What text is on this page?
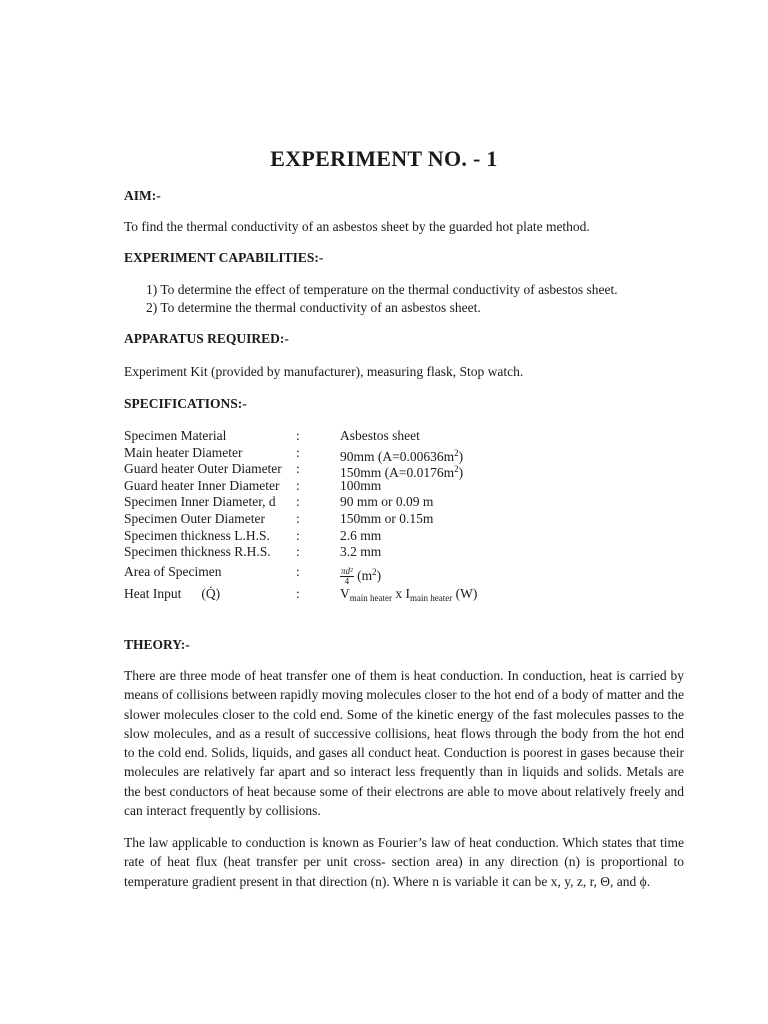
EXPERIMENT NO. - 1
AIM:-
To find the thermal conductivity of an asbestos sheet by the guarded hot plate method.
EXPERIMENT CAPABILITIES:-
1) To determine the effect of temperature on the thermal conductivity of asbestos sheet.
2) To determine the thermal conductivity of an asbestos sheet.
APPARATUS REQUIRED:-
Experiment Kit (provided by manufacturer), measuring flask, Stop watch.
SPECIFICATIONS:-
Specimen Material	:	Asbestos sheet
Main heater Diameter	:	90mm $(A=0.00636m^2)$
Guard heater Outer Diameter :	150mm $(A=0.0176m^2)$
Guard heater Inner Diameter :	100mm
Specimen Inner Diameter, d :	90 mm or 0.09 m
Specimen Outer Diameter :	150mm or 0.15m
Specimen thickness L.H.S. :	2.6 mm
Specimen thickness R.H.S. :	3.2 mm
Area of Specimen	:	$\frac{\text{πd²}}{4} (m^2)$
Heat Input (Q̇)	:	$V_{main heater}$ x $I_{main heater}$ (W)
THEORY:-
There are three mode of heat transfer one of them is heat conduction. In conduction, heat is carried by means of collisions between rapidly moving molecules closer to the hot end of a body of matter and the slower molecules closer to the cold end. Some of the kinetic energy of the fast molecules passes to the slow molecules, and as a result of successive collisions, heat flows through the body from the hot end to the cold end. Solids, liquids, and gases all conduct heat. Conduction is poorest in gases because their molecules are relatively far apart and so interact less frequently than in liquids and solids. Metals are the best conductors of heat because some of their electrons are able to move about relatively freely and can interact frequently by collisions.
The law applicable to conduction is known as Fourier’s law of heat conduction. Which states that time rate of heat flux (heat transfer per unit cross- section area) in any direction (n) is proportional to temperature gradient present in that direction (n). Where n is variable it can be x, y, z, r, Θ, and ϕ.
